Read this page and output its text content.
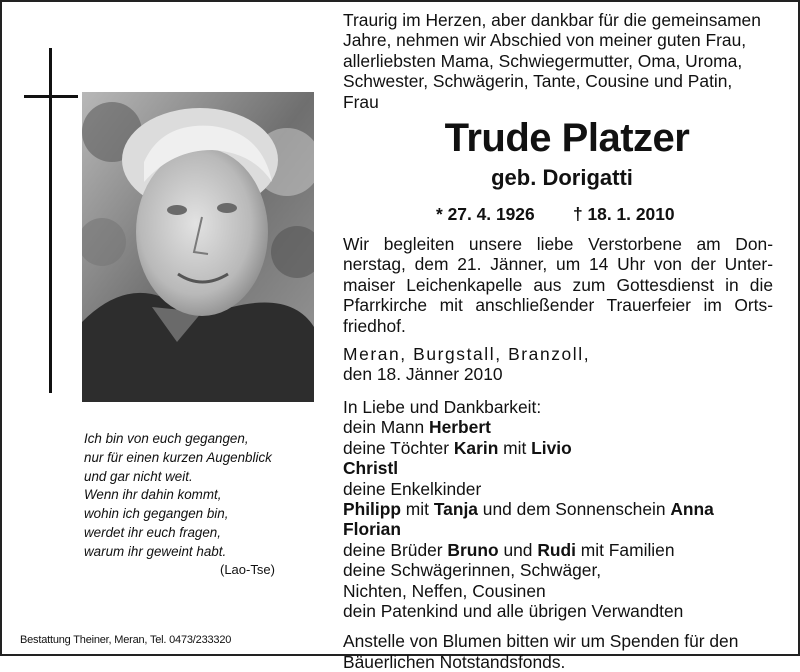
Ich bin von euch gegangen,
nur für einen kurzen Augenblick
und gar nicht weit.
Wenn ihr dahin kommt,
wohin ich gegangen bin,
werdet ihr euch fragen,
warum ihr geweint habt.
(Lao-Tse)
Bestattung Theiner, Meran, Tel. 0473/233320
Traurig im Herzen, aber dankbar für die gemeinsamen
Jahre, nehmen wir Abschied von meiner guten Frau,
allerliebsten Mama, Schwiegermutter, Oma, Uroma,
Schwester, Schwägerin, Tante, Cousine und Patin,
Frau
Trude Platzer
geb. Dorigatti
* 27. 4. 1926 † 18. 1. 2010
Wir begleiten unsere liebe Verstorbene am Don-
nerstag, dem 21. Jänner, um 14 Uhr von der Unter-
maiser Leichenkapelle aus zum Gottesdienst in die
Pfarrkirche mit anschließender Trauerfeier im Orts-
friedhof.
Meran, Burgstall, Branzoll,
den 18. Jänner 2010
In Liebe und Dankbarkeit:
dein Mann Herbert
deine Töchter Karin mit Livio
Christl
deine Enkelkinder
Philipp mit Tanja und dem Sonnenschein Anna
Florian
deine Brüder Bruno und Rudi mit Familien
deine Schwägerinnen, Schwäger,
Nichten, Neffen, Cousinen
dein Patenkind und alle übrigen Verwandten
Anstelle von Blumen bitten wir um Spenden für den
Bäuerlichen Notstandsfonds.
